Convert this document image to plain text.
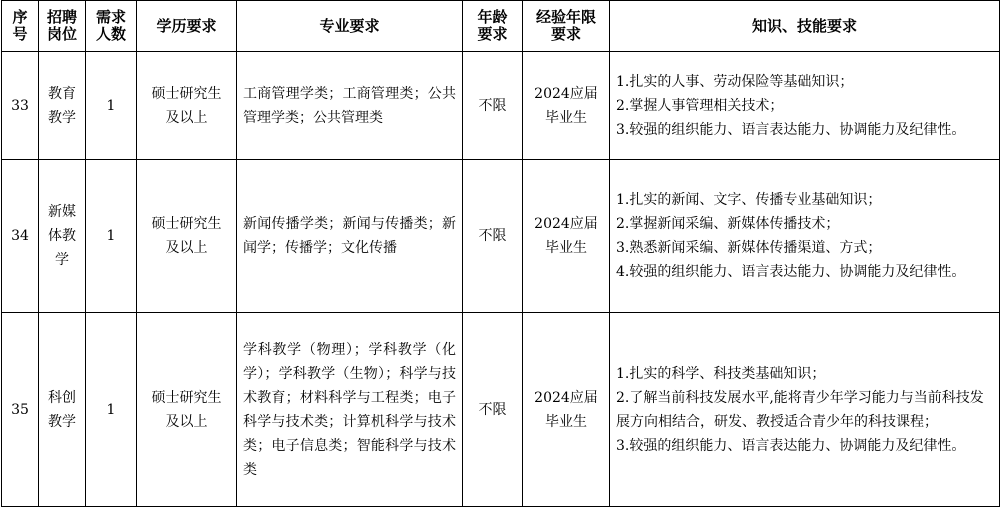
序号	招聘岗位	需求人数	学历要求	专业要求	年龄要求	经验年限要求	知识、技能要求
33	教育教学	1	硕士研究生及以上	工商管理学类；工商管理类；公共管理学类；公共管理类	不限	2024应届毕业生	1.扎实的人事、劳动保险等基础知识；
2.掌握人事管理相关技术；
3.较强的组织能力、语言表达能力、协调能力及纪律性。

34	新媒体教学	1	硕士研究生及以上	新闻传播学类；新闻与传播类；新闻学；传播学；文化传播	不限	2024应届毕业生	1.扎实的新闻、文字、传播专业基础知识；
2.掌握新闻采编、新媒体传播技术；
3.熟悉新闻采编、新媒体传播渠道、方式；
4.较强的组织能力、语言表达能力、协调能力及纪律性。

35	科创教学	1	硕士研究生及以上	学科教学（物理）；学科教学（化学）；学科教学（生物）；科学与技术教育；材料科学与工程类；电子科学与技术类；计算机科学与技术类；电子信息类；智能科学与技术类	不限	2024应届毕业生	1.扎实的科学、科技类基础知识；
2.了解当前科技发展水平,能将青少年学习能力与当前科技发展方向相结合，研发、教授适合青少年的科技课程；
3.较强的组织能力、语言表达能力、协调能力及纪律性。
